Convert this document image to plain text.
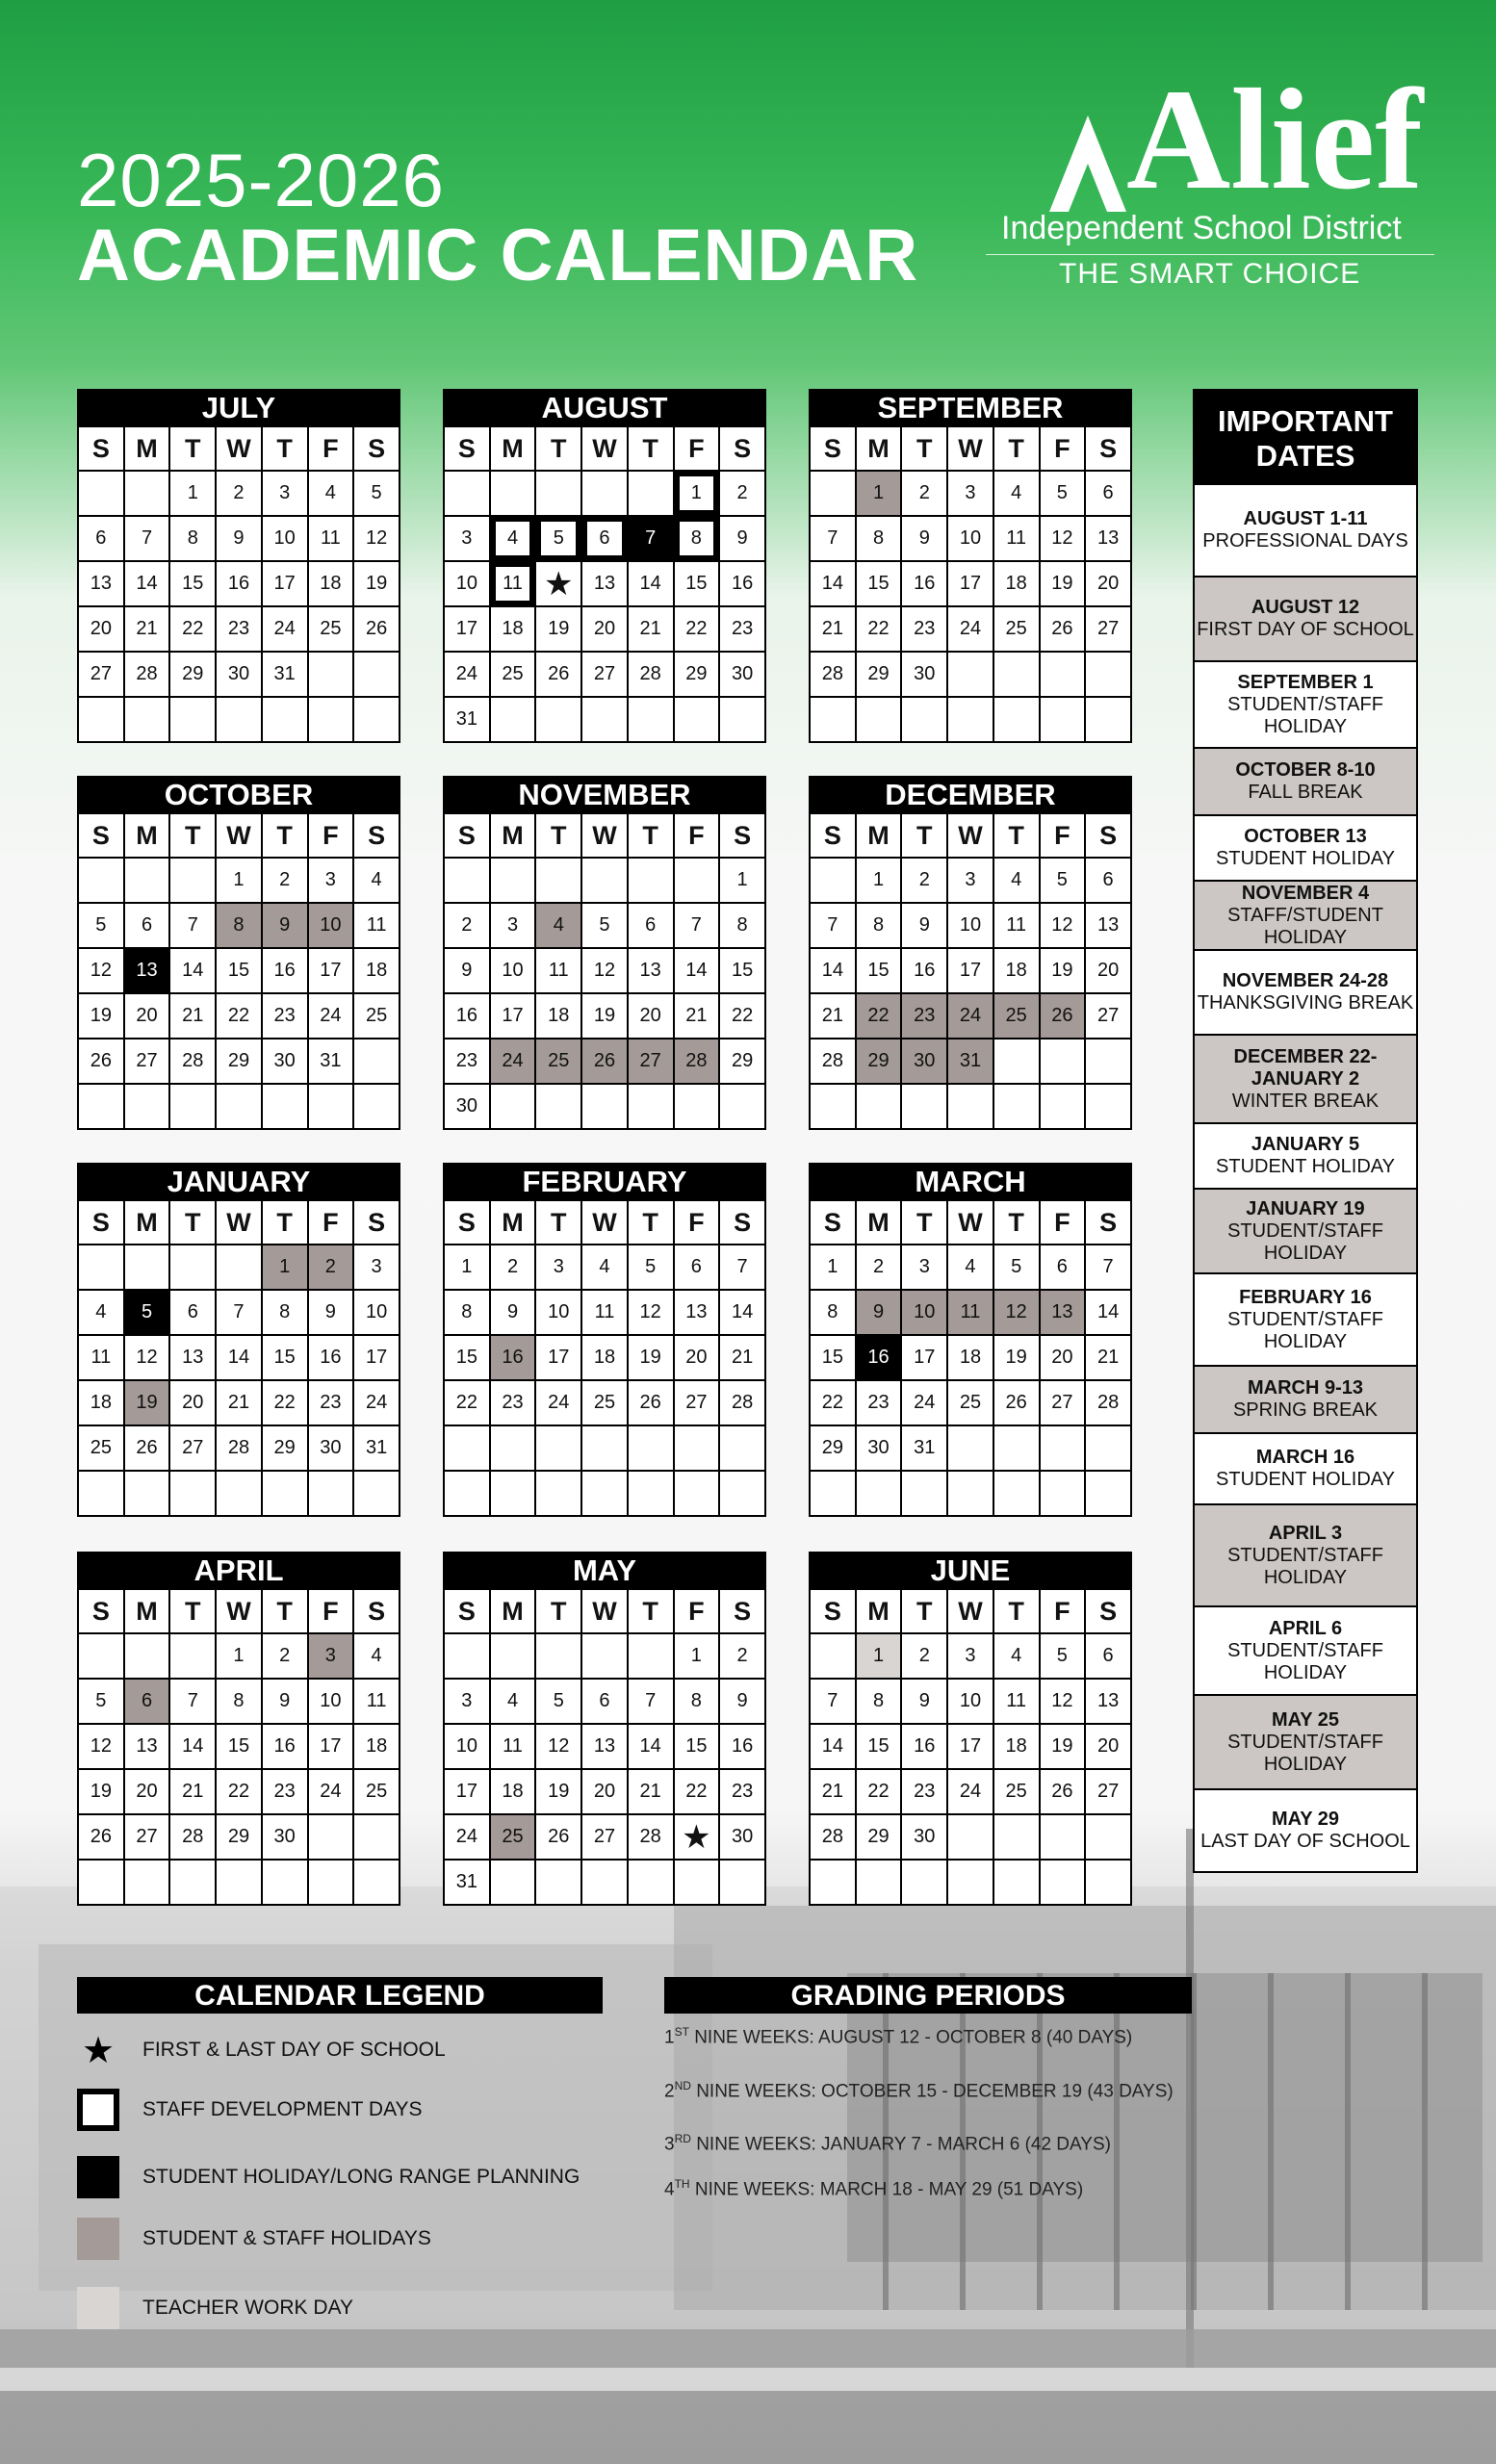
2025-2026
ACADEMIC CALENDAR
Alief
Independent School District
THE SMART CHOICE
JULY
S	M	T	W	T	F	S
		1	2	3	4	5
6	7	8	9	10	11	12
13	14	15	16	17	18	19
20	21	22	23	24	25	26
27	28	29	30	31		

AUGUST
S	M	T	W	T	F	S
					1	2
3	4	5	6	7	8	9
10	11	★	13	14	15	16
17	18	19	20	21	22	23
24	25	26	27	28	29	30
31						
SEPTEMBER
S	M	T	W	T	F	S
	1	2	3	4	5	6
7	8	9	10	11	12	13
14	15	16	17	18	19	20
21	22	23	24	25	26	27
28	29	30				

OCTOBER
S	M	T	W	T	F	S
			1	2	3	4
5	6	7	8	9	10	11
12	13	14	15	16	17	18
19	20	21	22	23	24	25
26	27	28	29	30	31	

NOVEMBER
S	M	T	W	T	F	S
						1
2	3	4	5	6	7	8
9	10	11	12	13	14	15
16	17	18	19	20	21	22
23	24	25	26	27	28	29
30						
DECEMBER
S	M	T	W	T	F	S
	1	2	3	4	5	6
7	8	9	10	11	12	13
14	15	16	17	18	19	20
21	22	23	24	25	26	27
28	29	30	31			

JANUARY
S	M	T	W	T	F	S
				1	2	3
4	5	6	7	8	9	10
11	12	13	14	15	16	17
18	19	20	21	22	23	24
25	26	27	28	29	30	31

FEBRUARY
S	M	T	W	T	F	S
1	2	3	4	5	6	7
8	9	10	11	12	13	14
15	16	17	18	19	20	21
22	23	24	25	26	27	28

MARCH
S	M	T	W	T	F	S
1	2	3	4	5	6	7
8	9	10	11	12	13	14
15	16	17	18	19	20	21
22	23	24	25	26	27	28
29	30	31				

APRIL
S	M	T	W	T	F	S
			1	2	3	4
5	6	7	8	9	10	11
12	13	14	15	16	17	18
19	20	21	22	23	24	25
26	27	28	29	30		

MAY
S	M	T	W	T	F	S
					1	2
3	4	5	6	7	8	9
10	11	12	13	14	15	16
17	18	19	20	21	22	23
24	25	26	27	28	★	30
31						
JUNE
S	M	T	W	T	F	S
	1	2	3	4	5	6
7	8	9	10	11	12	13
14	15	16	17	18	19	20
21	22	23	24	25	26	27
28	29	30				

IMPORTANT DATES
AUGUST 1-11
PROFESSIONAL DAYS
AUGUST 12
FIRST DAY OF SCHOOL
SEPTEMBER 1
STUDENT/STAFF HOLIDAY
OCTOBER 8-10
FALL BREAK
OCTOBER 13
STUDENT HOLIDAY
NOVEMBER 4
STAFF/STUDENT HOLIDAY
NOVEMBER 24-28
THANKSGIVING BREAK
DECEMBER 22- JANUARY 2
WINTER BREAK
JANUARY 5
STUDENT HOLIDAY
JANUARY 19
STUDENT/STAFF HOLIDAY
FEBRUARY 16
STUDENT/STAFF HOLIDAY
MARCH 9-13
SPRING BREAK
MARCH 16
STUDENT HOLIDAY
APRIL 3
STUDENT/STAFF HOLIDAY
APRIL 6
STUDENT/STAFF HOLIDAY
MAY 25
STUDENT/STAFF HOLIDAY
MAY 29
LAST DAY OF SCHOOL
CALENDAR LEGEND
★ FIRST & LAST DAY OF SCHOOL
STAFF DEVELOPMENT DAYS
STUDENT HOLIDAY/LONG RANGE PLANNING
STUDENT & STAFF HOLIDAYS
TEACHER WORK DAY
GRADING PERIODS
1ST NINE WEEKS: AUGUST 12 - OCTOBER 8 (40 DAYS)
2ND NINE WEEKS: OCTOBER 15 - DECEMBER 19 (43 DAYS)
3RD NINE WEEKS: JANUARY 7 - MARCH 6 (42 DAYS)
4TH NINE WEEKS: MARCH 18 - MAY 29 (51 DAYS)
